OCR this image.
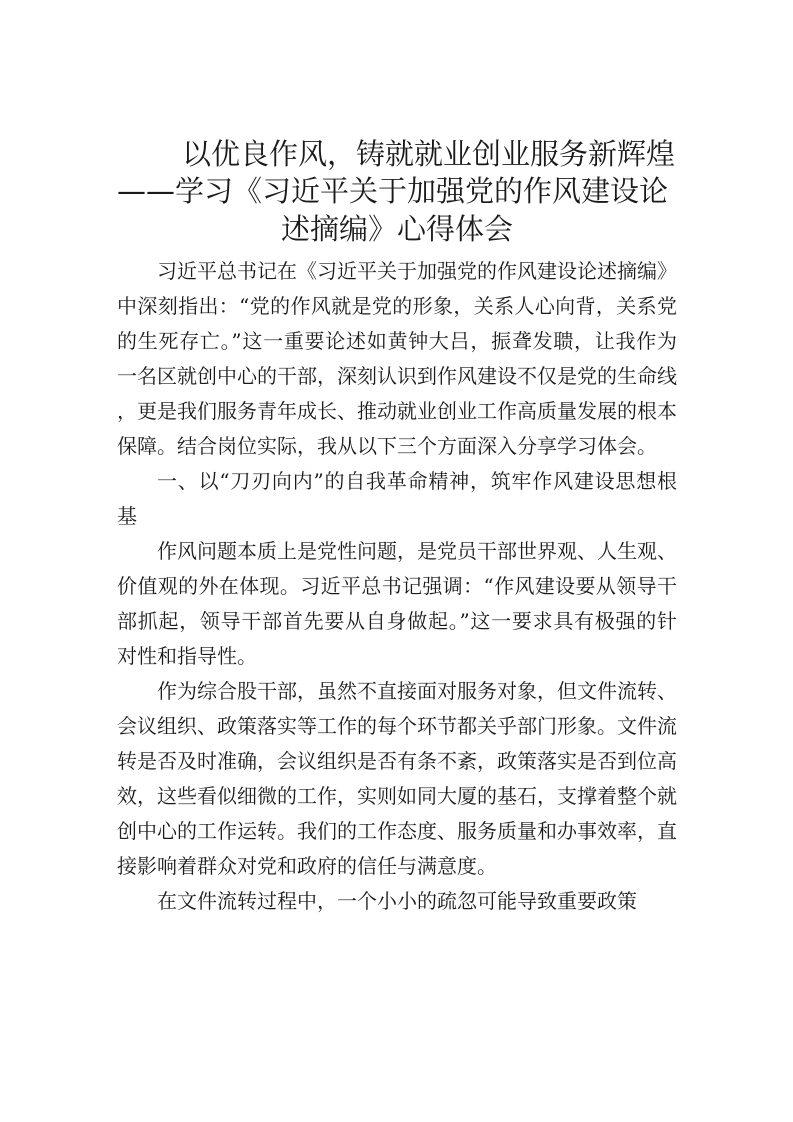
以优良作风，铸就就业创业服务新辉煌
——学习《习近平关于加强党的作风建设论
述摘编》心得体会

习近平总书记在《习近平关于加强党的作风建设论述摘编》中深刻指出：“党的作风就是党的形象，关系人心向背，关系党的生死存亡。”这一重要论述如黄钟大吕，振聋发聩，让我作为一名区就创中心的干部，深刻认识到作风建设不仅是党的生命线，更是我们服务青年成长、推动就业创业工作高质量发展的根本保障。结合岗位实际，我从以下三个方面深入分享学习体会。

一、以“刀刃向内”的自我革命精神，筑牢作风建设思想根基

作风问题本质上是党性问题，是党员干部世界观、人生观、价值观的外在体现。习近平总书记强调：“作风建设要从领导干部抓起，领导干部首先要从自身做起。”这一要求具有极强的针对性和指导性。

作为综合股干部，虽然不直接面对服务对象，但文件流转、会议组织、政策落实等工作的每个环节都关乎部门形象。文件流转是否及时准确，会议组织是否有条不紊，政策落实是否到位高效，这些看似细微的工作，实则如同大厦的基石，支撑着整个就创中心的工作运转。我们的工作态度、服务质量和办事效率，直接影响着群众对党和政府的信任与满意度。

在文件流转过程中，一个小小的疏忽可能导致重要政策
